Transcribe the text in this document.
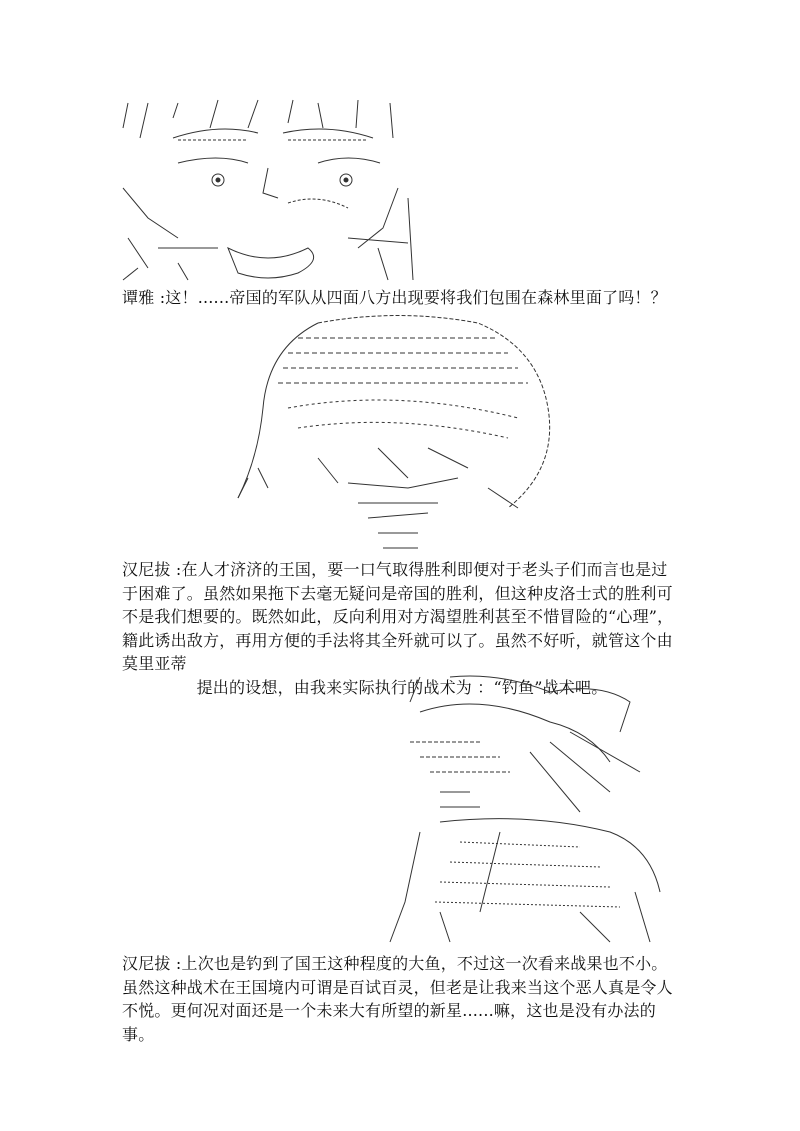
谭雅 :这！......帝国的军队从四面八方出现要将我们包围在森林里面了吗！？

汉尼拔 :在人才济济的王国，要一口气取得胜利即便对于老头子们而言也是过于困难了。虽然如果拖下去毫无疑问是帝国的胜利，但这种皮洛士式的胜利可不是我们想要的。既然如此，反向利用对方渴望胜利甚至不惜冒险的“心理”，籍此诱出敌方，再用方便的手法将其全歼就可以了。虽然不好听，就管这个由莫里亚蒂
提出的设想，由我来实际执行的战术为 ：“钓鱼”战术吧。

汉尼拔 :上次也是钓到了国王这种程度的大鱼，不过这一次看来战果也不小。虽然这种战术在王国境内可谓是百试百灵，但老是让我来当这个恶人真是令人不悦。更何况对面还是一个未来大有所望的新星......嘛，这也是没有办法的事。
